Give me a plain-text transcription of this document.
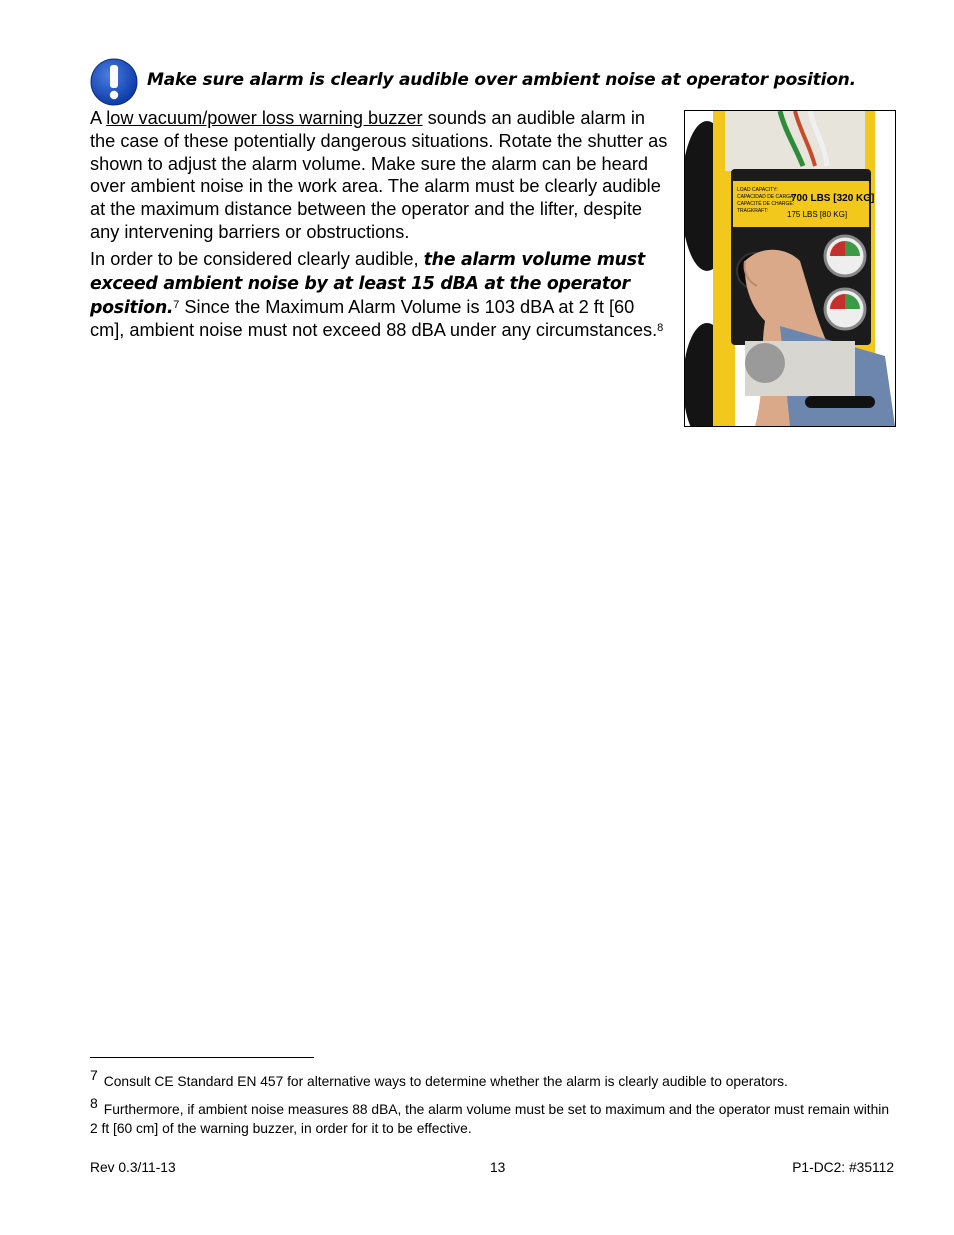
Make sure alarm is clearly audible over ambient noise at operator position.
A low vacuum/power loss warning buzzer sounds an audible alarm in the case of these potentially dangerous situations. Rotate the shutter as shown to adjust the alarm volume. Make sure the alarm can be heard over ambient noise in the work area. The alarm must be clearly audible at the maximum distance between the operator and the lifter, despite any intervening barriers or obstructions.
In order to be considered clearly audible, the alarm volume must exceed ambient noise by at least 15 dBA at the operator position.$^7$ Since the Maximum Alarm Volume is 103 dBA at 2 ft [60 cm], ambient noise must not exceed 88 dBA under any circumstances.$^8$
LOAD CAPACITY:
CAPACIDAD DE CARGA:
CAPACITÉ DE CHARGE:
TRAGKRAFT:
700 LBS [320 KG]
175 LBS [80 KG]
7 Consult CE Standard EN 457 for alternative ways to determine whether the alarm is clearly audible to operators.
8 Furthermore, if ambient noise measures 88 dBA, the alarm volume must be set to maximum and the operator must remain within 2 ft [60 cm] of the warning buzzer, in order for it to be effective.
Rev 0.3/11-13	13	P1-DC2: #35112
